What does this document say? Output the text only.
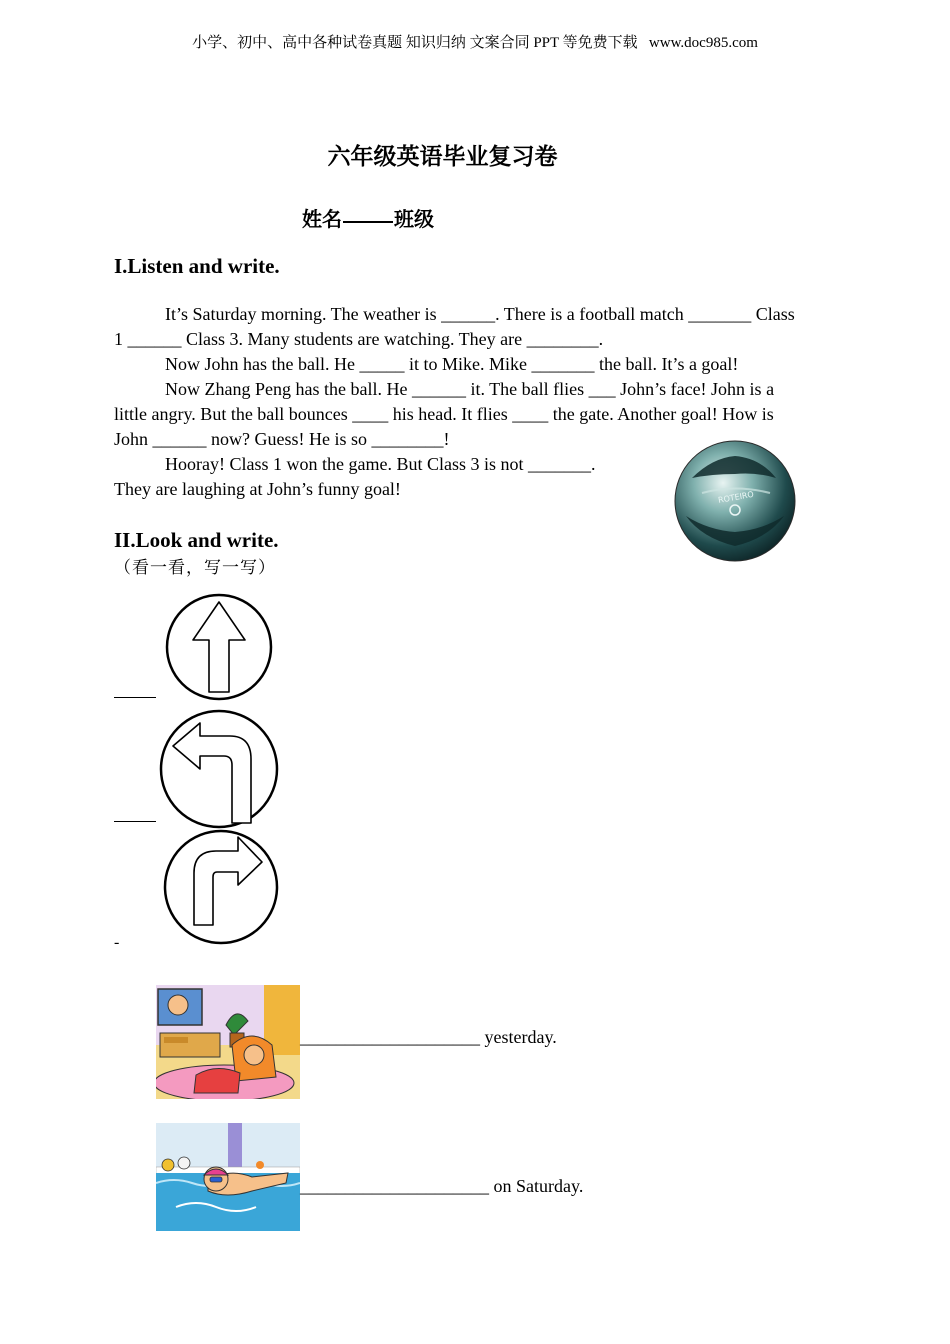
小学、初中、高中各种试卷真题 知识归纳 文案合同 PPT 等免费下载   www.doc985.com
六年级英语毕业复习卷
姓名	班级
I.Listen and write.
It’s Saturday morning. The weather is ______. There is a football match _______ Class
1 ______ Class 3. Many students are watching. They are ________.
Now John has the ball. He _____ it to Mike. Mike _______ the ball. It’s a goal!
Now Zhang Peng has the ball. He ______ it. The ball flies ___ John’s face! John is a
little angry. But the ball bounces ____ his head. It flies ____ the gate. Another goal! How is
John ______ now? Guess! He is so ________!
Hooray! Class 1 won the game. But Class 3 is not _______.
They are laughing at John’s funny goal!	ROTEIRO
II.Look and write.
（看一看，写一写）
-
____________________ yesterday.
_____________________ on Saturday.
